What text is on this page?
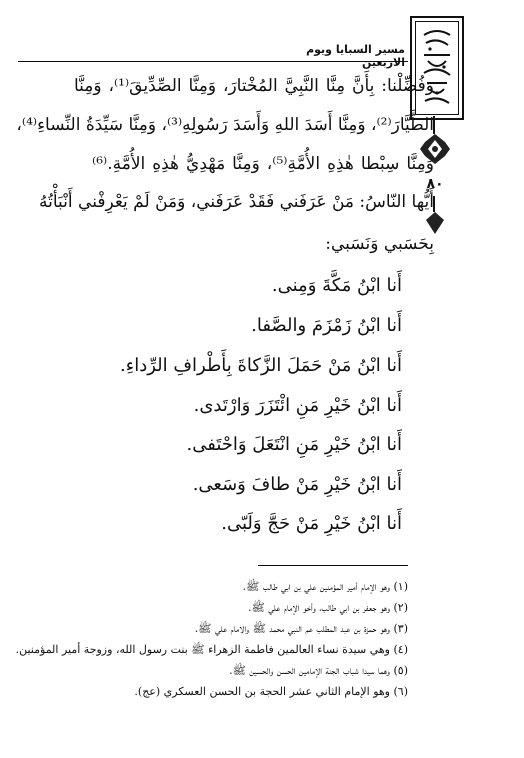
٨٠
مسير السبايا ويوم الاربعين
وَفُضِّلْنا: بِأَنَّ مِنَّا النَّبِيَّ المُخْتارَ، وَمِنَّا الصِّدِّيقَ⁽¹⁾، وَمِنَّا
الطَّيَّارَ⁽²⁾، وَمِنَّا أَسَدَ اللهِ وَأَسَدَ رَسُولِهِ⁽³⁾، وَمِنَّا سَيِّدَةُ النِّساءِ⁽⁴⁾،
وَمِنَّا سِبْطا هٰذِهِ الأُمَّةِ⁽⁵⁾، وَمِنَّا مَهْدِيُّ هٰذِهِ الأُمَّةِ.⁽⁶⁾
أَيُّها النّاسُ: مَنْ عَرَفَني فَقَدْ عَرَفَني، وَمَنْ لَمْ يَعْرِفْني أَنْبَأْتُهُ
بِحَسَبي وَنَسَبي:
أَنا ابْنُ مَكَّةَ وَمِنى.
أَنا ابْنُ زَمْزَمَ والصَّفا.
أَنا ابْنُ مَنْ حَمَلَ الزَّكاةَ بِأَطْرافِ الرِّداءِ.
أَنا ابْنُ خَيْرِ مَنِ ائْتَزَرَ وَارْتَدى.
أَنا ابْنُ خَيْرِ مَنِ انْتَعَلَ وَاحْتَفى.
أَنا ابْنُ خَيْرِ مَنْ طافَ وَسَعى.
أَنا ابْنُ خَيْرِ مَنْ حَجَّ وَلَبّى.
(١) وهو الإمام أمير المؤمنين علي بن ابي طالب ﷺ.
(٢) وهو جعفر بن ابي طالب، وأخو الإمام علي ﷺ.
(٣) وهو حمزة بن عبد المطلب عم النبي محمد ﷺ والامام علي ﷺ.
(٤) وهي سيدة نساء العالمين فاطمة الزهراء ﷺ بنت رسول الله، وزوجة أمير المؤمنين.
(٥) وهما سيدا شباب الجنة الإمامين الحسن والحسين ﷺ.
(٦) وهو الإمام الثاني عشر الحجة بن الحسن العسكري (عج).
